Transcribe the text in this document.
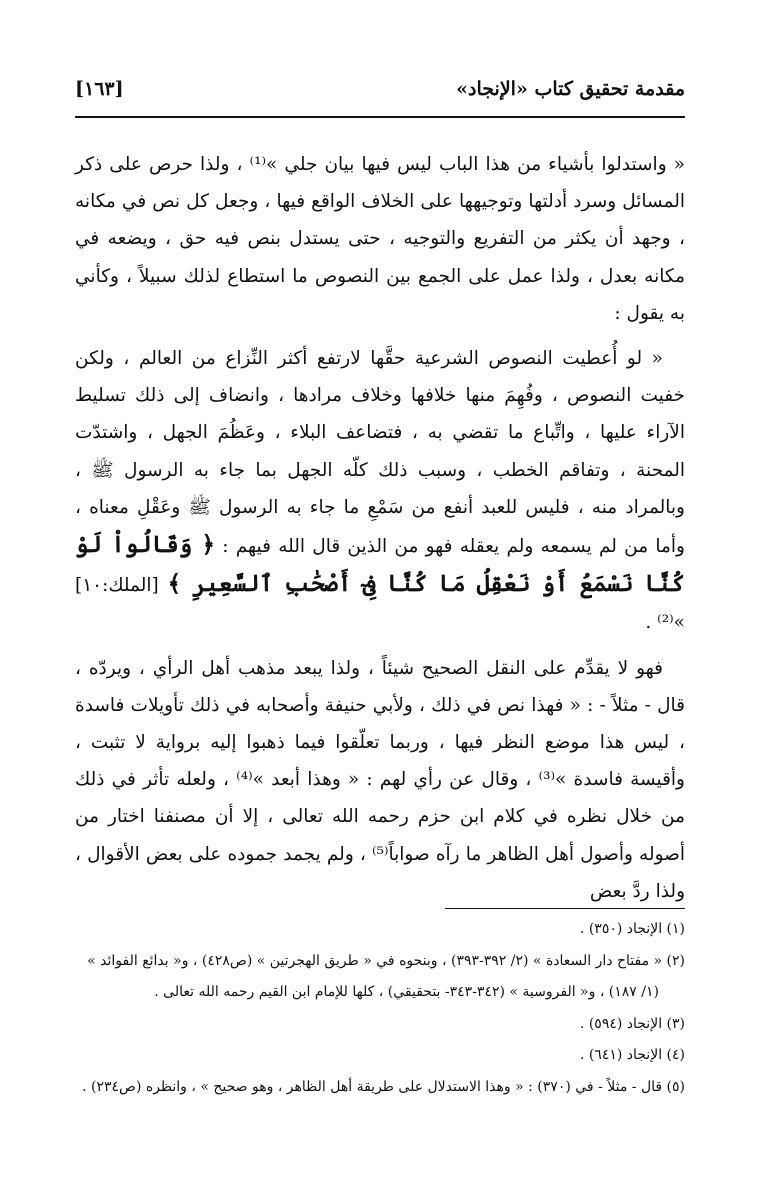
[١٦٣]	مقدمة تحقيق كتاب «الإنجاد»

« واستدلوا بأشياء من هذا الباب ليس فيها بيان جلي »⁽¹⁾ ، ولذا حرص على ذكر المسائل وسرد أدلتها وتوجيهها على الخلاف الواقع فيها ، وجعل كل نص في مكانه ، وجهد أن يكثر من التفريع والتوجيه ، حتى يستدل بنص فيه حق ، ويضعه في مكانه بعدل ، ولذا عمل على الجمع بين النصوص ما استطاع لذلك سبيلاً ، وكأني به يقول :

« لو أُعطيت النصوص الشرعية حقَّها لارتفع أكثر النِّزاع من العالم ، ولكن خفيت النصوص ، وفُهِمَ منها خلافها وخلاف مرادها ، وانضاف إلى ذلك تسليط الآراء عليها ، واتِّباع ما تقضي به ، فتضاعف البلاء ، وعَظُمَ الجهل ، واشتدّت المحنة ، وتفاقم الخطب ، وسبب ذلك كلّه الجهل بما جاء به الرسول ﷺ ، وبالمراد منه ، فليس للعبد أنفع من سَمْعِ ما جاء به الرسول ﷺ وعَقْلِ معناه ، وأما من لم يسمعه ولم يعقله فهو من الذين قال الله فيهم : ﴿ وَقَالُواْ لَوْ كُنَّا نَسْمَعُ أَوْ نَعْقِلُ مَا كُنَّا فِىٓ أَصْحَٰبِ ٱلسَّعِيرِ ﴾ [الملك:١٠] »⁽²⁾ .

فهو لا يقدِّم على النقل الصحيح شيئاً ، ولذا يبعد مذهب أهل الرأي ، ويردّه ، قال - مثلاً - : « فهذا نص في ذلك ، ولأبي حنيفة وأصحابه في ذلك تأويلات فاسدة ، ليس هذا موضع النظر فيها ، وربما تعلّقوا فيما ذهبوا إليه برواية لا تثبت ، وأقيسة فاسدة »⁽³⁾ ، وقال عن رأي لهم : « وهذا أبعد »⁽⁴⁾ ، ولعله تأثر في ذلك من خلال نظره في كلام ابن حزم رحمه الله تعالى ، إلا أن مصنفنا اختار من أصوله وأصول أهل الظاهر ما رآه صواباً⁽⁵⁾ ، ولم يجمد جموده على بعض الأقوال ، ولذا ردَّ بعض

(١) الإنجاد (٣٥٠) .

(٢) « مفتاح دار السعادة » (٢/ ٣٩٢-٣٩٣) ، وبنحوه في « طريق الهجرتين » (ص٤٢٨) ، و« بدائع الفوائد »

(١/ ١٨٧) ، و« الفروسية » (٣٤٢-٣٤٣- بتحقيقي) ، كلها للإمام ابن القيم رحمه الله تعالى .

(٣) الإنجاد (٥٩٤) .

(٤) الإنجاد (٦٤١) .

(٥) قال - مثلاً - في (٣٧٠) : « وهذا الاستدلال على طريقة أهل الظاهر ، وهو صحيح » ، وانظره (ص٢٣٤) .
